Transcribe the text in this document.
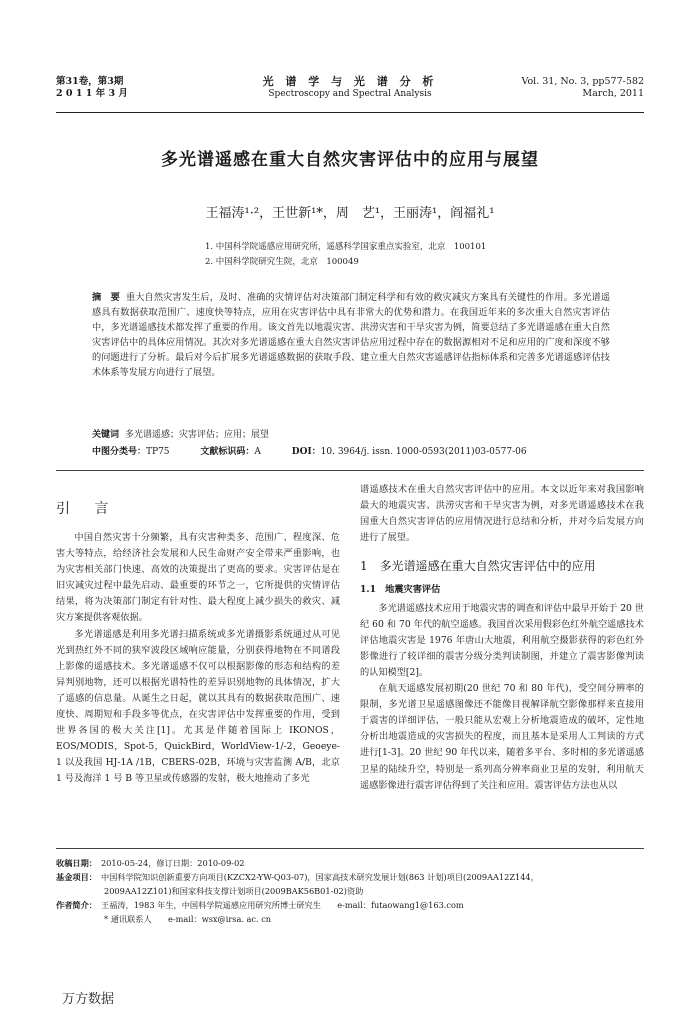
第31卷，第3期
2 0 1 1 年 3 月
光 谱 学 与 光 谱 分 析
Spectroscopy and Spectral Analysis
Vol. 31, No. 3, pp577-582
March, 2011
多光谱遥感在重大自然灾害评估中的应用与展望
王福涛¹·²，王世新¹*，周　艺¹，王丽涛¹，阎福礼¹
1. 中国科学院遥感应用研究所，遥感科学国家重点实验室，北京　100101
2. 中国科学院研究生院，北京　100049
摘　要 重大自然灾害发生后，及时、准确的灾情评估对决策部门制定科学和有效的救灾减灾方案具有关键性的作用。多光谱遥感具有数据获取范围广、速度快等特点，应用在灾害评估中具有非常大的优势和潜力。在我国近年来的多次重大自然灾害评估中，多光谱遥感技术都发挥了重要的作用。该文首先以地震灾害、洪涝灾害和干旱灾害为例，简要总结了多光谱遥感在重大自然灾害评估中的具体应用情况。其次对多光谱遥感在重大自然灾害评估应用过程中存在的数据源相对不足和应用的广度和深度不够的问题进行了分析。最后对今后扩展多光谱遥感数据的获取手段、建立重大自然灾害遥感评估指标体系和完善多光谱遥感评估技术体系等发展方向进行了展望。
关键词 多光谱遥感；灾害评估；应用；展望
中图分类号：TP75	文献标识码：A	DOI：10. 3964/j. issn. 1000-0593(2011)03-0577-06
引 言

中国自然灾害十分频繁，具有灾害种类多、范围广、程度深、危害大等特点，给经济社会发展和人民生命财产安全带来严重影响，也为灾害相关部门快速、高效的决策提出了更高的要求。灾害评估是在旧灾减灾过程中最先启动、最重要的环节之一，它所提供的灾情评估结果，将为决策部门制定有针对性、最大程度上减少损失的救灾、减灾方案提供客观依据。

多光谱遥感是利用多光谱扫描系统或多光谱摄影系统通过从可见光到热红外不同的狭窄波段区域响应能量，分别获得地物在不同谱段上影像的遥感技术。多光谱遥感不仅可以根据影像的形态和结构的差异判别地物，还可以根据光谱特性的差异识别地物的具体情况，扩大了遥感的信息量。从诞生之日起，就以其具有的数据获取范围广、速度快、周期短和手段多等优点，在灾害评估中发挥重要的作用，受到世界各国的极大关注[1]。尤其是伴随着国际上 IKONOS，EOS/MODIS，Spot-5，QuickBird，WorldView-1/-2，Geoeye-1 以及我国 HJ-1A /1B，CBERS-02B，环境与灾害监测 A/B，北京 1 号及海洋 1 号 B 等卫星或传感器的发射，极大地推动了多光

谱遥感技术在重大自然灾害评估中的应用。本文以近年来对我国影响最大的地震灾害、洪涝灾害和干旱灾害为例，对多光谱遥感技术在我国重大自然灾害评估的应用情况进行总结和分析，并对今后发展方向进行了展望。

1 多光谱遥感在重大自然灾害评估中的应用
1.1　地震灾害评估

多光谱遥感技术应用于地震灾害的调查和评估中最早开始于 20 世纪 60 和 70 年代的航空遥感。我国首次采用假彩色红外航空遥感技术评估地震灾害是 1976 年唐山大地震，利用航空摄影获得的彩色红外影像进行了较详细的震害分级分类判读制图，并建立了震害影像判读的认知模型[2]。

在航天遥感发展初期(20 世纪 70 和 80 年代)，受空间分辨率的限制，多光谱卫星遥感图像还不能像目视解译航空影像那样来直接用于震害的详细评估，一般只能从宏观上分析地震造成的破坏，定性地分析出地震造成的灾害损失的程度，而且基本是采用人工判读的方式进行[1-3]。20 世纪 90 年代以来，随着多平台、多时相的多光谱遥感卫星的陆续升空，特别是一系列高分辨率商业卫星的发射，利用航天遥感影像进行震害评估得到了关注和应用。震害评估方法也从以

收稿日期： 2010-05-24，修订日期：2010-09-02
基金项目： 中国科学院知识创新重要方向项目(KZCX2-YW-Q03-07)，国家高技术研究发展计划(863 计划)项目(2009AA12Z144，
2009AA12Z101)和国家科技支撑计划项目(2009BAK56B01-02)资助
作者简介： 王福涛，1983 年生，中国科学院遥感应用研究所博士研究生　　e-mail：futaowang1@163.com
* 通讯联系人　　e-mail：wsx@irsa. ac. cn
万方数据
